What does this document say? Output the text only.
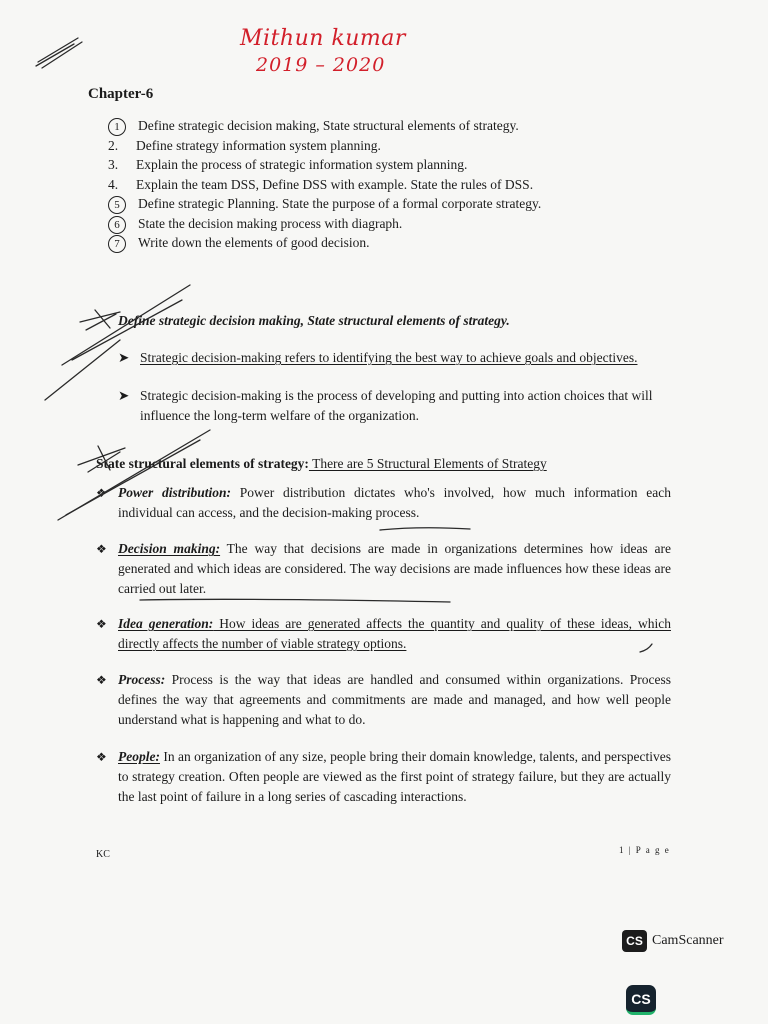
Mithun kumar
2019 – 2020
Chapter-6
1	Define strategic decision making, State structural elements of strategy.
2.	Define strategy information system planning.
3.	Explain the process of strategic information system planning.
4.	Explain the team DSS, Define DSS with example. State the rules of DSS.
5	Define strategic Planning. State the purpose of a formal corporate strategy.
6	State the decision making process with diagraph.
7	Write down the elements of good decision.
Define strategic decision making, State structural elements of strategy.
➤ Strategic decision-making refers to identifying the best way to achieve goals and objectives.
➤ Strategic decision-making is the process of developing and putting into action choices that will influence the long-term welfare of the organization.
State structural elements of strategy: There are 5 Structural Elements of Strategy
❖ Power distribution: Power distribution dictates who's involved, how much information each individual can access, and the decision-making process.
❖ Decision making: The way that decisions are made in organizations determines how ideas are generated and which ideas are considered. The way decisions are made influences how these ideas are carried out later.
❖ Idea generation: How ideas are generated affects the quantity and quality of these ideas, which directly affects the number of viable strategy options.
❖ Process: Process is the way that ideas are handled and consumed within organizations. Process defines the way that agreements and commitments are made and managed, and how well people understand what is happening and what to do.
❖ People: In an organization of any size, people bring their domain knowledge, talents, and perspectives to strategy creation. Often people are viewed as the first point of strategy failure, but they are actually the last point of failure in a long series of cascading interactions.
KC	1 | P a g e
CS CamScanner
CS
